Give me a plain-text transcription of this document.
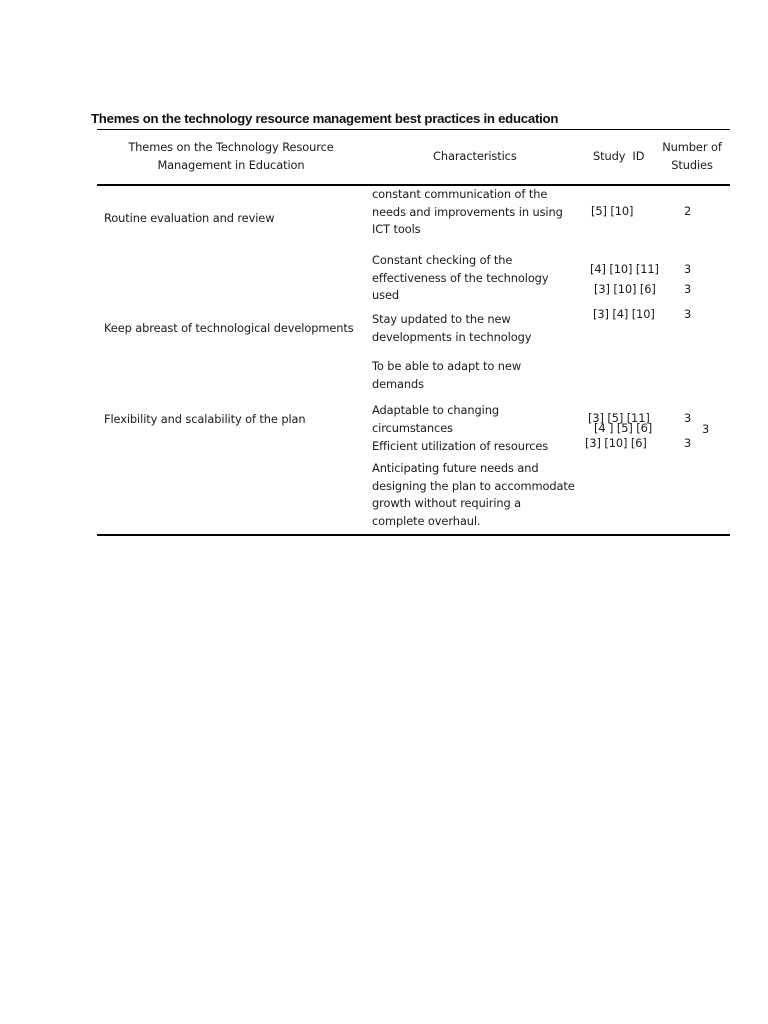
Themes on the technology resource management best practices in education
Themes on the Technology Resource
Management in Education
Characteristics	Study  ID
Number of
Studies
Routine evaluation and review
Keep abreast of technological developments
Flexibility and scalability of the plan
constant communication of the
needs and improvements in using
ICT tools
Constant checking of the
effectiveness of the technology
used
Stay updated to the new
developments in technology
To be able to adapt to new
demands
Adaptable to changing
circumstances
Efficient utilization of resources
Anticipating future needs and
designing the plan to accommodate
growth without requiring a
complete overhaul.
[5] [10]
[4] [10] [11]
[3] [10] [6]
[3] [4] [10]
[3] [5] [11]
[4 ] [5] [6]
[3] [10] [6]
2
3
3
3
3
3
3
